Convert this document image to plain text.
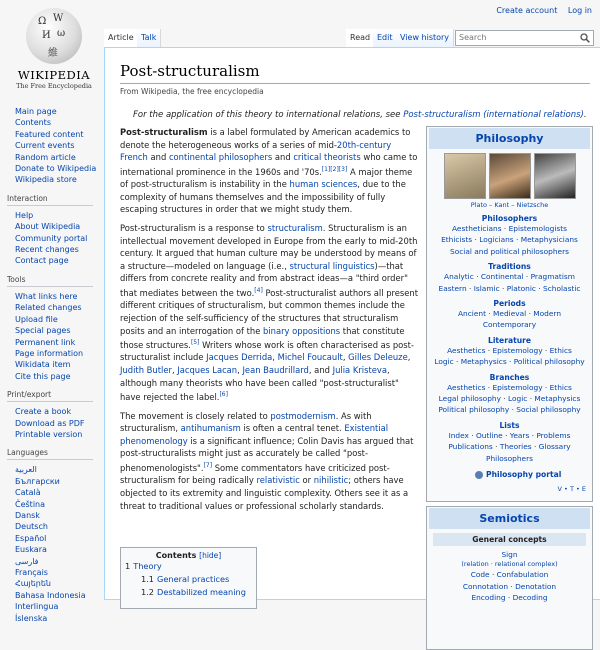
Create account Log in
Ω W
И ω
維
WIKIPEDIA
The Free Encyclopedia
Main page
Contents
Featured content
Current events
Random article
Donate to Wikipedia
Wikipedia store
Interaction
Help
About Wikipedia
Community portal
Recent changes
Contact page
Tools
What links here
Related changes
Upload file
Special pages
Permanent link
Page information
Wikidata item
Cite this page
Print/export
Create a book
Download as PDF
Printable version
Languages
العربية
Български
Català
Čeština
Dansk
Deutsch
Español
Euskara
فارسی
Français
Հայերեն
Bahasa Indonesia
Interlingua
Íslenska
Article Talk	Read Edit View history	Search
Post-structuralism
From Wikipedia, the free encyclopedia
For the application of this theory to international relations, see Post-structuralism (international relations).

Post-structuralism is a label formulated by American academics to denote the heterogeneous works of a series of mid-20th-century French and continental philosophers and critical theorists who came to international prominence in the 1960s and '70s.[1][2][3] A major theme of post-structuralism is instability in the human sciences, due to the complexity of humans themselves and the impossibility of fully escaping structures in order that we might study them.

Post-structuralism is a response to structuralism. Structuralism is an intellectual movement developed in Europe from the early to mid-20th century. It argued that human culture may be understood by means of a structure—modeled on language (i.e., structural linguistics)—that differs from concrete reality and from abstract ideas—a "third order" that mediates between the two.[4] Post-structuralist authors all present different critiques of structuralism, but common themes include the rejection of the self-sufficiency of the structures that structuralism posits and an interrogation of the binary oppositions that constitute those structures.[5] Writers whose work is often characterised as post-structuralist include Jacques Derrida, Michel Foucault, Gilles Deleuze, Judith Butler, Jacques Lacan, Jean Baudrillard, and Julia Kristeva, although many theorists who have been called "post-structuralist" have rejected the label.[6]

The movement is closely related to postmodernism. As with structuralism, antihumanism is often a central tenet. Existential phenomenology is a significant influence; Colin Davis has argued that post-structuralists might just as accurately be called "post-phenomenologists".[7] Some commentators have criticized post-structuralism for being radically relativistic or nihilistic; others have objected to its extremity and linguistic complexity. Others see it as a threat to traditional values or professional scholarly standards.

Contents [hide]
1 Theory
1.1 General practices
1.2 Destabilized meaning
Philosophy
Plato – Kant – Nietzsche
Philosophers
Aestheticians · Epistemologists
Ethicists · Logicians · Metaphysicians
Social and political philosophers
Traditions
Analytic · Continental · Pragmatism
Eastern · Islamic · Platonic · Scholastic
Periods
Ancient · Medieval · Modern
Contemporary
Literature
Aesthetics · Epistemology · Ethics
Logic · Metaphysics · Political philosophy
Branches
Aesthetics · Epistemology · Ethics
Legal philosophy · Logic · Metaphysics
Political philosophy · Social philosophy
Lists
Index · Outline · Years · Problems
Publications · Theories · Glossary
Philosophers
Philosophy portal
V • T • E
Semiotics
General concepts
Sign
(relation · relational complex)
Code · Confabulation
Connotation · Denotation
Encoding · Decoding
